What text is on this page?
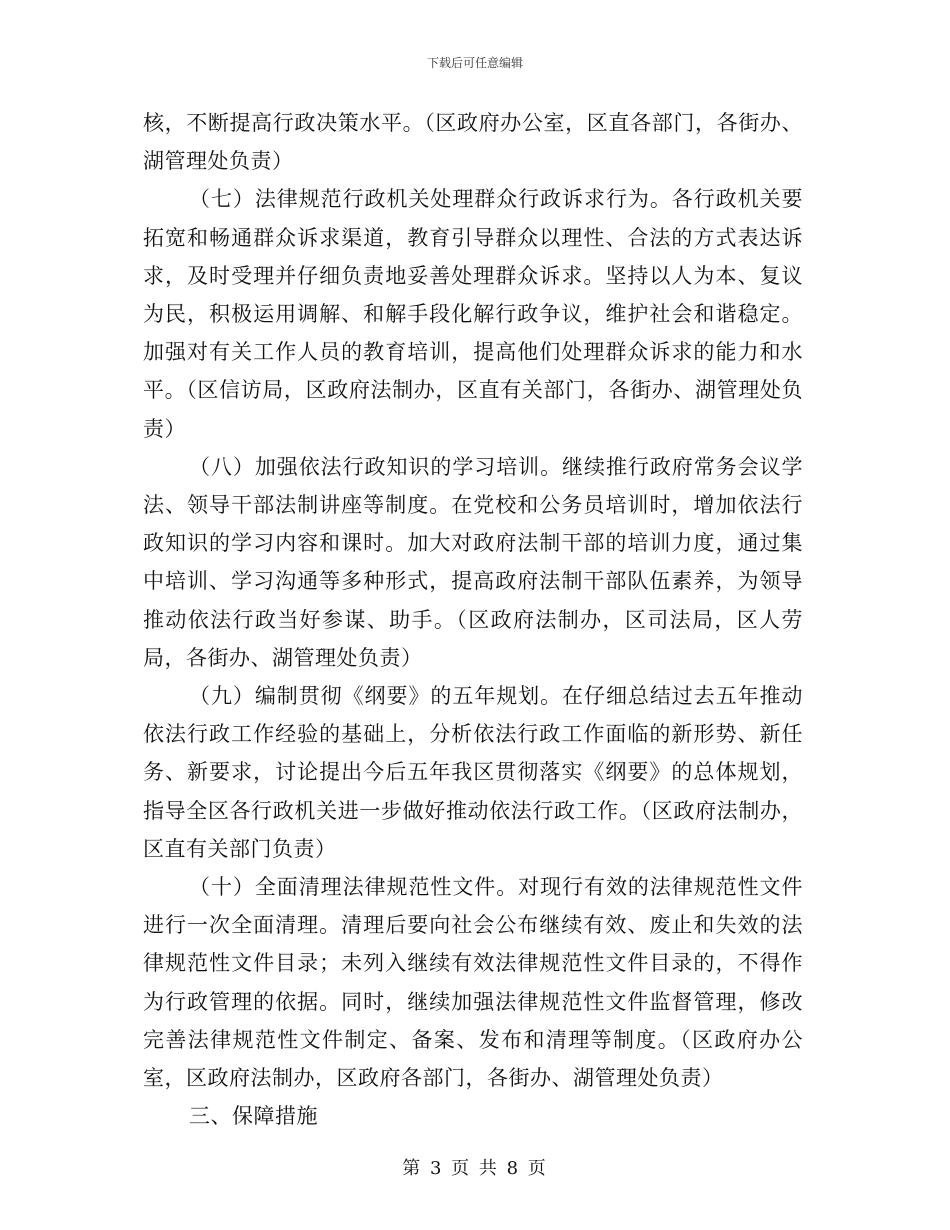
下载后可任意编辑

核，不断提高行政决策水平。（区政府办公室，区直各部门，各街办、湖管理处负责）

（七）法律规范行政机关处理群众行政诉求行为。各行政机关要拓宽和畅通群众诉求渠道，教育引导群众以理性、合法的方式表达诉求，及时受理并仔细负责地妥善处理群众诉求。坚持以人为本、复议为民，积极运用调解、和解手段化解行政争议，维护社会和谐稳定。加强对有关工作人员的教育培训，提高他们处理群众诉求的能力和水平。（区信访局，区政府法制办，区直有关部门，各街办、湖管理处负责）

（八）加强依法行政知识的学习培训。继续推行政府常务会议学法、领导干部法制讲座等制度。在党校和公务员培训时，增加依法行政知识的学习内容和课时。加大对政府法制干部的培训力度，通过集中培训、学习沟通等多种形式，提高政府法制干部队伍素养，为领导推动依法行政当好参谋、助手。（区政府法制办，区司法局，区人劳局，各街办、湖管理处负责）

（九）编制贯彻《纲要》的五年规划。在仔细总结过去五年推动依法行政工作经验的基础上，分析依法行政工作面临的新形势、新任务、新要求，讨论提出今后五年我区贯彻落实《纲要》的总体规划，指导全区各行政机关进一步做好推动依法行政工作。（区政府法制办，区直有关部门负责）

（十）全面清理法律规范性文件。对现行有效的法律规范性文件进行一次全面清理。清理后要向社会公布继续有效、废止和失效的法律规范性文件目录；未列入继续有效法律规范性文件目录的，不得作为行政管理的依据。同时，继续加强法律规范性文件监督管理，修改完善法律规范性文件制定、备案、发布和清理等制度。（区政府办公室，区政府法制办，区政府各部门，各街办、湖管理处负责）

三、保障措施

第 3 页 共 8 页
